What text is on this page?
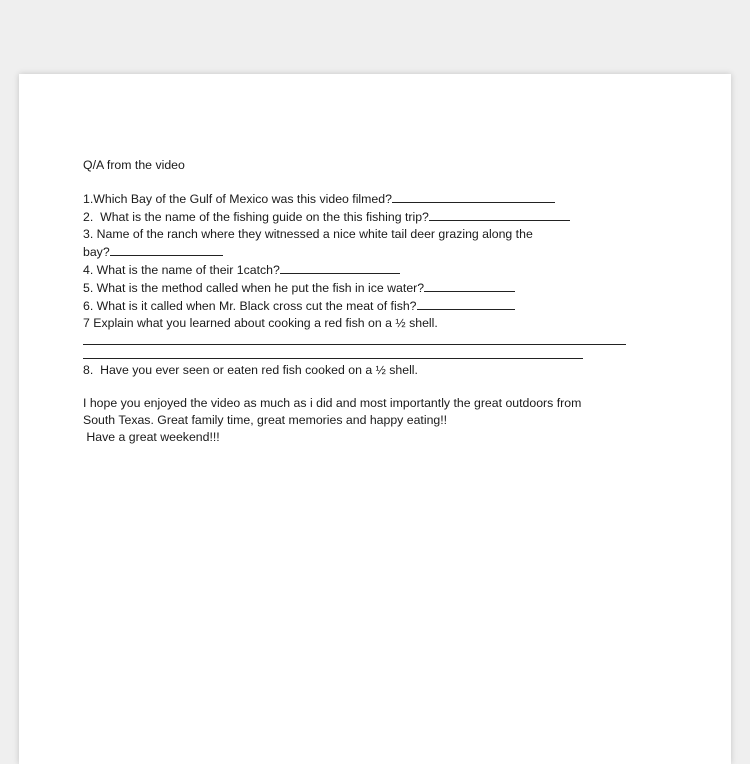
Q/A from the video
1.Which Bay of the Gulf of Mexico was this video filmed?
2.  What is the name of the fishing guide on the this fishing trip?
3. Name of the ranch where they witnessed a nice white tail deer grazing along the
bay?
4. What is the name of their 1catch?
5. What is the method called when he put the fish in ice water?
6. What is it called when Mr. Black cross cut the meat of fish?
7 Explain what you learned about cooking a red fish on a ½ shell.
8.  Have you ever seen or eaten red fish cooked on a ½ shell.
I hope you enjoyed the video as much as i did and most importantly the great outdoors from
South Texas. Great family time, great memories and happy eating!!
Have a great weekend!!!
